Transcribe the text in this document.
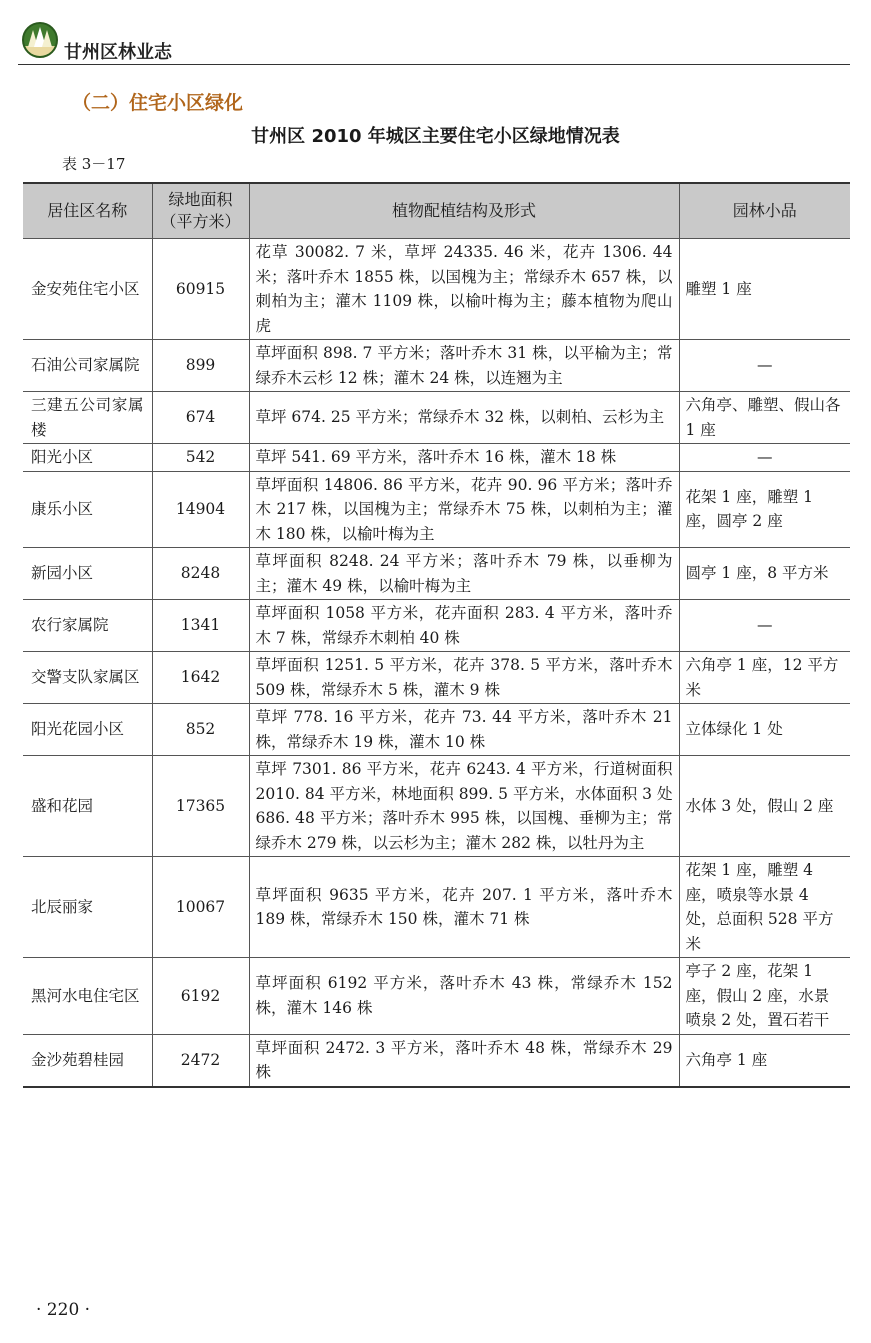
甘州区林业志
（二）住宅小区绿化
甘州区 2010 年城区主要住宅小区绿地情况表
表 3－17
居住区名称	绿地面积（平方米）	植物配植结构及形式	园林小品
金安苑住宅小区	60915	花草 30082. 7 米，草坪 24335. 46 米，花卉 1306. 44 米；落叶乔木 1855 株，以国槐为主；常绿乔木 657 株，以刺柏为主；灌木 1109 株，以榆叶梅为主；藤本植物为爬山虎	雕塑 1 座
石油公司家属院	899	草坪面积 898. 7 平方米；落叶乔木 31 株，以平榆为主；常绿乔木云杉 12 株；灌木 24 株，以连翘为主	—
三建五公司家属楼	674	草坪 674. 25 平方米；常绿乔木 32 株，以刺柏、云杉为主	六角亭、雕塑、假山各 1 座
阳光小区	542	草坪 541. 69 平方米，落叶乔木 16 株，灌木 18 株	—
康乐小区	14904	草坪面积 14806. 86 平方米，花卉 90. 96 平方米；落叶乔木 217 株，以国槐为主；常绿乔木 75 株，以刺柏为主；灌木 180 株，以榆叶梅为主	花架 1 座，雕塑 1 座，圆亭 2 座
新园小区	8248	草坪面积 8248. 24 平方米；落叶乔木 79 株，以垂柳为主；灌木 49 株，以榆叶梅为主	圆亭 1 座，8 平方米
农行家属院	1341	草坪面积 1058 平方米，花卉面积 283. 4 平方米，落叶乔木 7 株，常绿乔木刺柏 40 株	—
交警支队家属区	1642	草坪面积 1251. 5 平方米，花卉 378. 5 平方米，落叶乔木 509 株，常绿乔木 5 株，灌木 9 株	六角亭 1 座，12 平方米
阳光花园小区	852	草坪 778. 16 平方米，花卉 73. 44 平方米，落叶乔木 21 株，常绿乔木 19 株，灌木 10 株	立体绿化 1 处
盛和花园	17365	草坪 7301. 86 平方米，花卉 6243. 4 平方米，行道树面积 2010. 84 平方米，林地面积 899. 5 平方米，水体面积 3 处 686. 48 平方米；落叶乔木 995 株，以国槐、垂柳为主；常绿乔木 279 株，以云杉为主；灌木 282 株，以牡丹为主	水体 3 处，假山 2 座
北辰丽家	10067	草坪面积 9635 平方米，花卉 207. 1 平方米，落叶乔木 189 株，常绿乔木 150 株，灌木 71 株	花架 1 座，雕塑 4 座，喷泉等水景 4 处，总面积 528 平方米
黑河水电住宅区	6192	草坪面积 6192 平方米，落叶乔木 43 株，常绿乔木 152 株，灌木 146 株	亭子 2 座，花架 1 座，假山 2 座，水景喷泉 2 处，置石若干
金沙苑碧桂园	2472	草坪面积 2472. 3 平方米，落叶乔木 48 株，常绿乔木 29 株	六角亭 1 座
· 220 ·
